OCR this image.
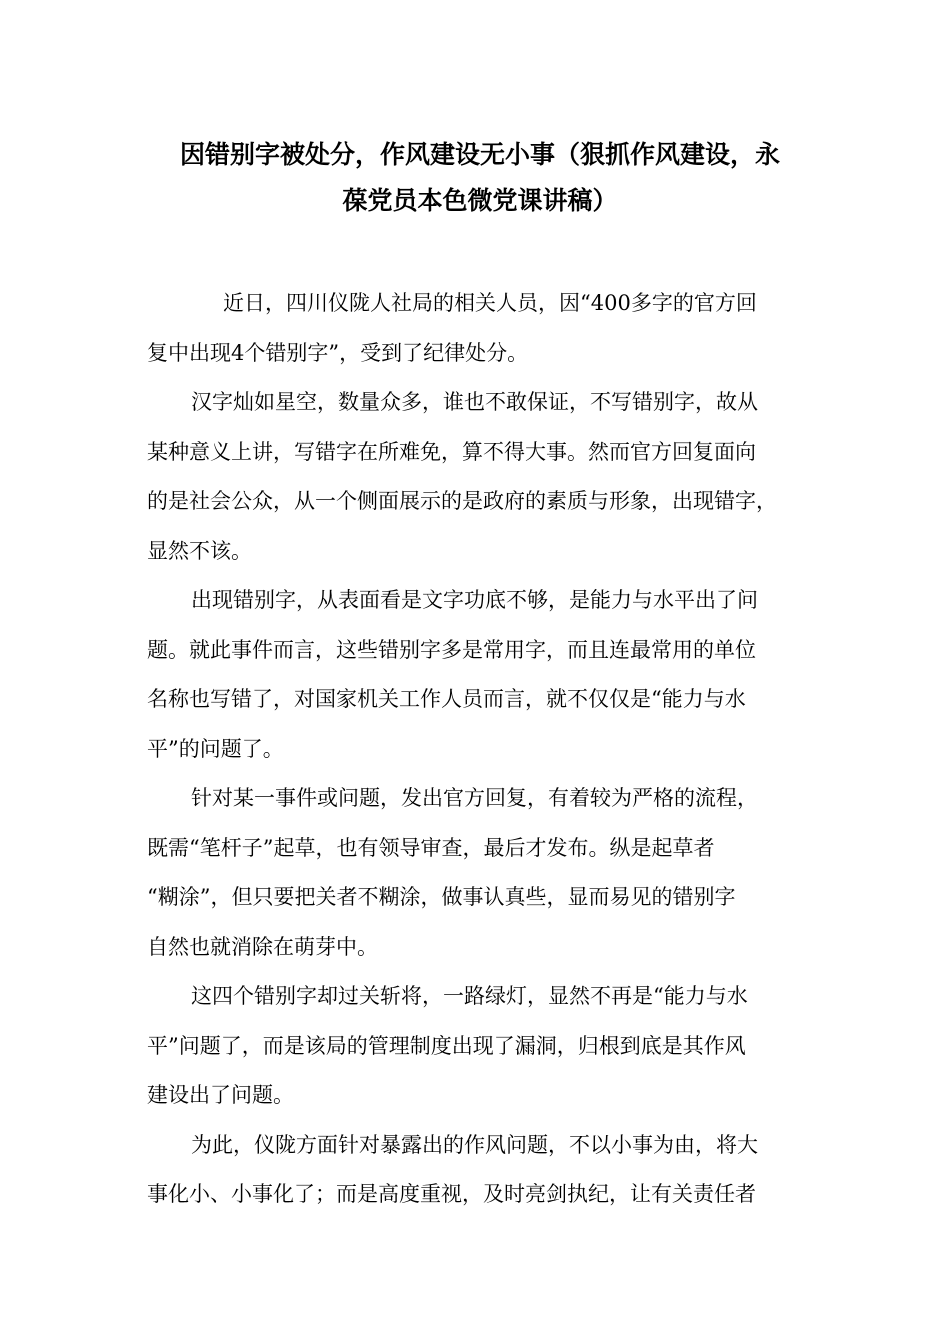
因错别字被处分，作风建设无小事（狠抓作风建设，永
葆党员本色微党课讲稿）
近日，四川仪陇人社局的相关人员，因“400多字的官方回
复中出现4个错别字”，受到了纪律处分。
汉字灿如星空，数量众多，谁也不敢保证，不写错别字，故从
某种意义上讲，写错字在所难免，算不得大事。然而官方回复面向
的是社会公众，从一个侧面展示的是政府的素质与形象，出现错字，
显然不该。
出现错别字，从表面看是文字功底不够，是能力与水平出了问
题。就此事件而言，这些错别字多是常用字，而且连最常用的单位
名称也写错了，对国家机关工作人员而言，就不仅仅是“能力与水
平”的问题了。
针对某一事件或问题，发出官方回复，有着较为严格的流程，
既需“笔杆子”起草，也有领导审查，最后才发布。纵是起草者
“糊涂”，但只要把关者不糊涂，做事认真些，显而易见的错别字
自然也就消除在萌芽中。
这四个错别字却过关斩将，一路绿灯，显然不再是“能力与水
平”问题了，而是该局的管理制度出现了漏洞，归根到底是其作风
建设出了问题。
为此，仪陇方面针对暴露出的作风问题，不以小事为由，将大
事化小、小事化了；而是高度重视，及时亮剑执纪，让有关责任者
